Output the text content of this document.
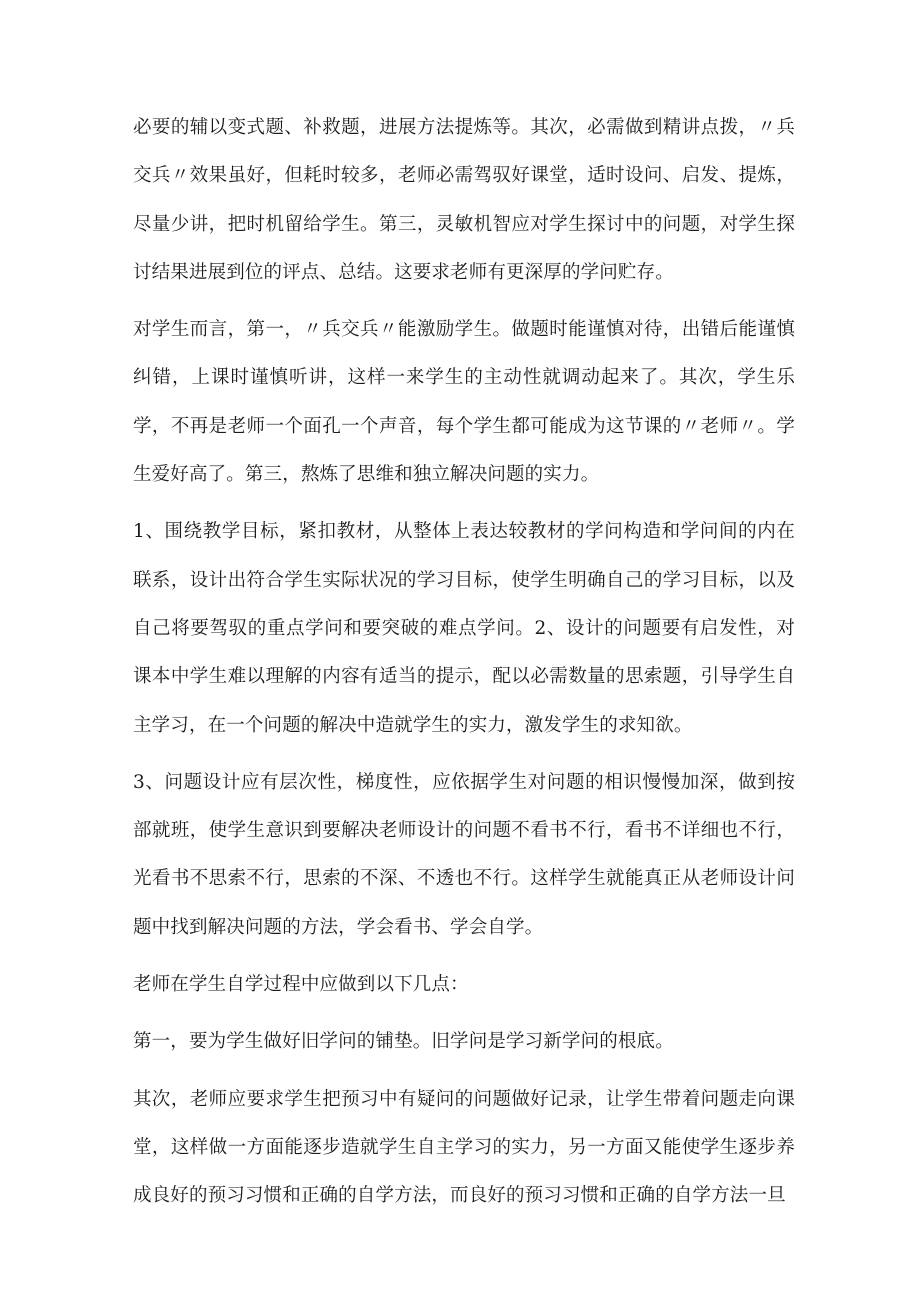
必要的辅以变式题、补救题，进展方法提炼等。其次，必需做到精讲点拨，〃兵交兵〃效果虽好，但耗时较多，老师必需驾驭好课堂，适时设问、启发、提炼，尽量少讲，把时机留给学生。第三，灵敏机智应对学生探讨中的问题，对学生探讨结果进展到位的评点、总结。这要求老师有更深厚的学问贮存。

对学生而言，第一，〃兵交兵〃能激励学生。做题时能谨慎对待，出错后能谨慎纠错，上课时谨慎听讲，这样一来学生的主动性就调动起来了。其次，学生乐学，不再是老师一个面孔一个声音，每个学生都可能成为这节课的〃老师〃。学生爱好高了。第三，熬炼了思维和独立解决问题的实力。

1、围绕教学目标，紧扣教材，从整体上表达较教材的学问构造和学问间的内在联系，设计出符合学生实际状况的学习目标，使学生明确自己的学习目标，以及自己将要驾驭的重点学问和要突破的难点学问。2、设计的问题要有启发性，对课本中学生难以理解的内容有适当的提示，配以必需数量的思索题，引导学生自主学习，在一个问题的解决中造就学生的实力，激发学生的求知欲。

3、问题设计应有层次性，梯度性，应依据学生对问题的相识慢慢加深，做到按部就班，使学生意识到要解决老师设计的问题不看书不行，看书不详细也不行，光看书不思索不行，思索的不深、不透也不行。这样学生就能真正从老师设计问题中找到解决问题的方法，学会看书、学会自学。

老师在学生自学过程中应做到以下几点：

第一，要为学生做好旧学问的铺垫。旧学问是学习新学问的根底。

其次，老师应要求学生把预习中有疑问的问题做好记录，让学生带着问题走向课堂，这样做一方面能逐步造就学生自主学习的实力，另一方面又能使学生逐步养成良好的预习习惯和正确的自学方法，而良好的预习习惯和正确的自学方法一旦
